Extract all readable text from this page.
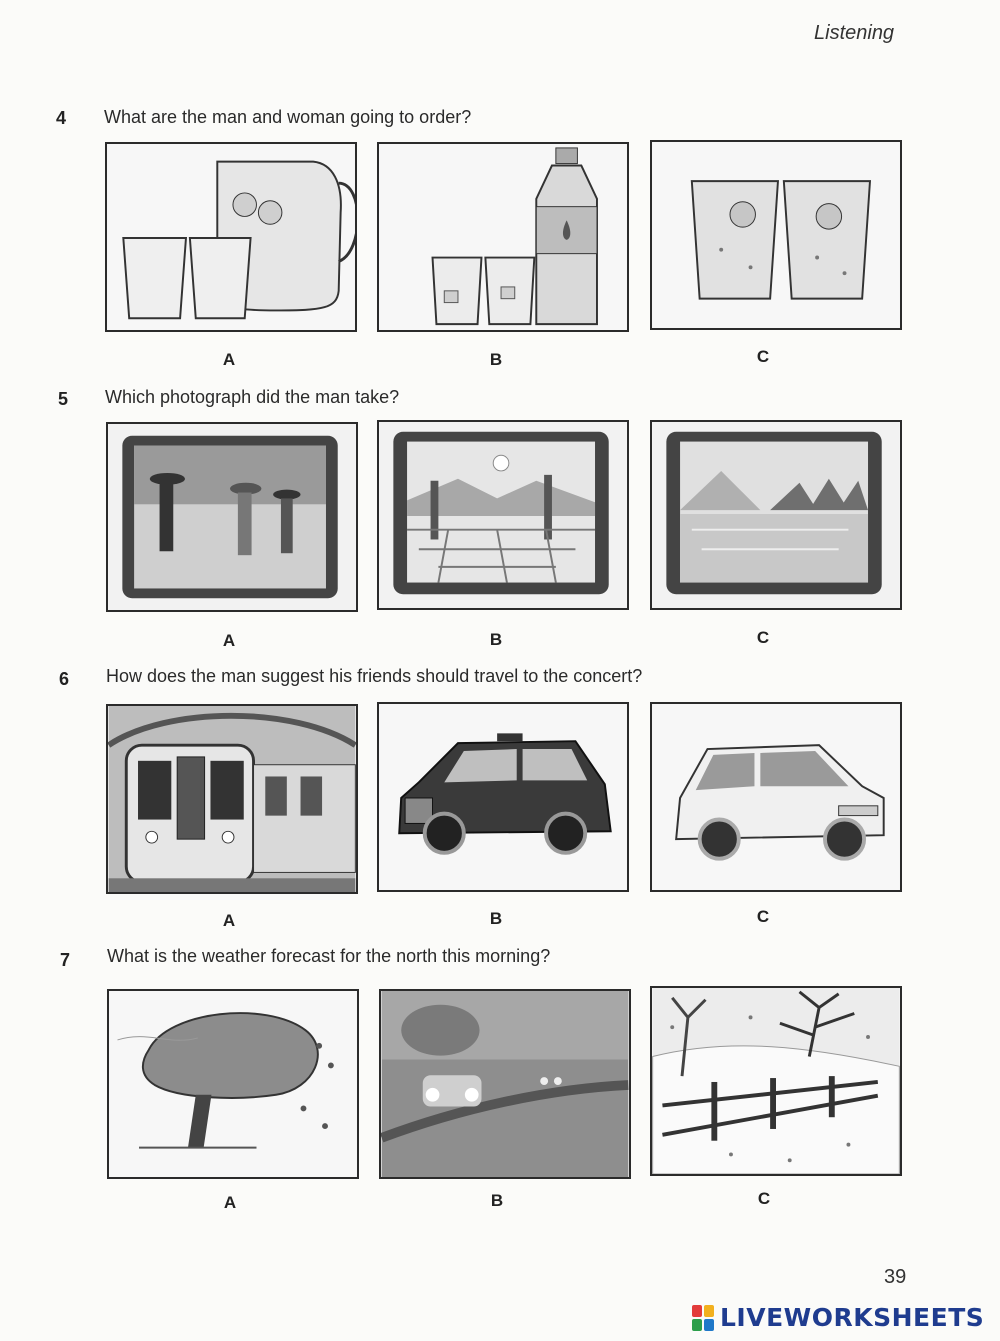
Listening
4 What are the man and woman going to order?
A	B	C
5 Which photograph did the man take?
A	B	C
6 How does the man suggest his friends should travel to the concert?
A	B	C
7 What is the weather forecast for the north this morning?
A	B	C
39
LIVEWORKSHEETS
